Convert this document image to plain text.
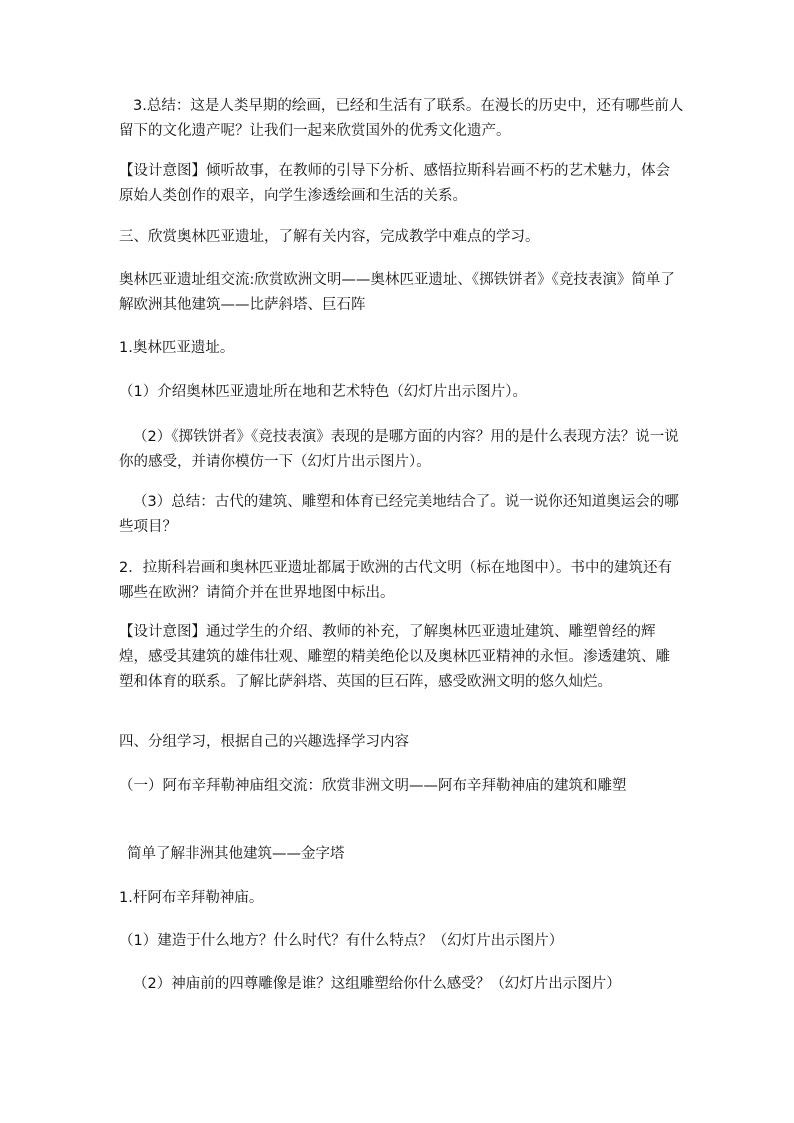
3.总结：这是人类早期的绘画，已经和生活有了联系。在漫长的历史中，还有哪些前人留下的文化遗产呢？让我们一起来欣赏国外的优秀文化遗产。

【设计意图】倾听故事，在教师的引导下分析、感悟拉斯科岩画不朽的艺术魅力，体会原始人类创作的艰辛，向学生渗透绘画和生活的关系。

三、欣赏奥林匹亚遗址，了解有关内容，完成教学中难点的学习。

奥林匹亚遗址组交流:欣赏欧洲文明——奥林匹亚遗址、《掷铁饼者》《竞技表演》简单了解欧洲其他建筑——比萨斜塔、巨石阵

1.奥林匹亚遗址。

（1）介绍奥林匹亚遗址所在地和艺术特色（幻灯片出示图片）。

（2）《掷铁饼者》《竞技表演》表现的是哪方面的内容？用的是什么表现方法？说一说你的感受，并请你模仿一下（幻灯片出示图片）。

（3）总结：古代的建筑、雕塑和体育已经完美地结合了。说一说你还知道奥运会的哪些项目？

2．拉斯科岩画和奥林匹亚遗址都属于欧洲的古代文明（标在地图中）。书中的建筑还有哪些在欧洲？请简介并在世界地图中标出。

【设计意图】通过学生的介绍、教师的补充，了解奥林匹亚遗址建筑、雕塑曾经的辉煌，感受其建筑的雄伟壮观、雕塑的精美绝伦以及奥林匹亚精神的永恒。渗透建筑、雕塑和体育的联系。了解比萨斜塔、英国的巨石阵，感受欧洲文明的悠久灿烂。

四、分组学习，根据自己的兴趣选择学习内容

（一）阿布辛拜勒神庙组交流：欣赏非洲文明——阿布辛拜勒神庙的建筑和雕塑

简单了解非洲其他建筑——金字塔

1.杆阿布辛拜勒神庙。

（1）建造于什么地方？什么时代？有什么特点？（幻灯片出示图片）

（2）神庙前的四尊雕像是谁？这组雕塑给你什么感受？（幻灯片出示图片）
